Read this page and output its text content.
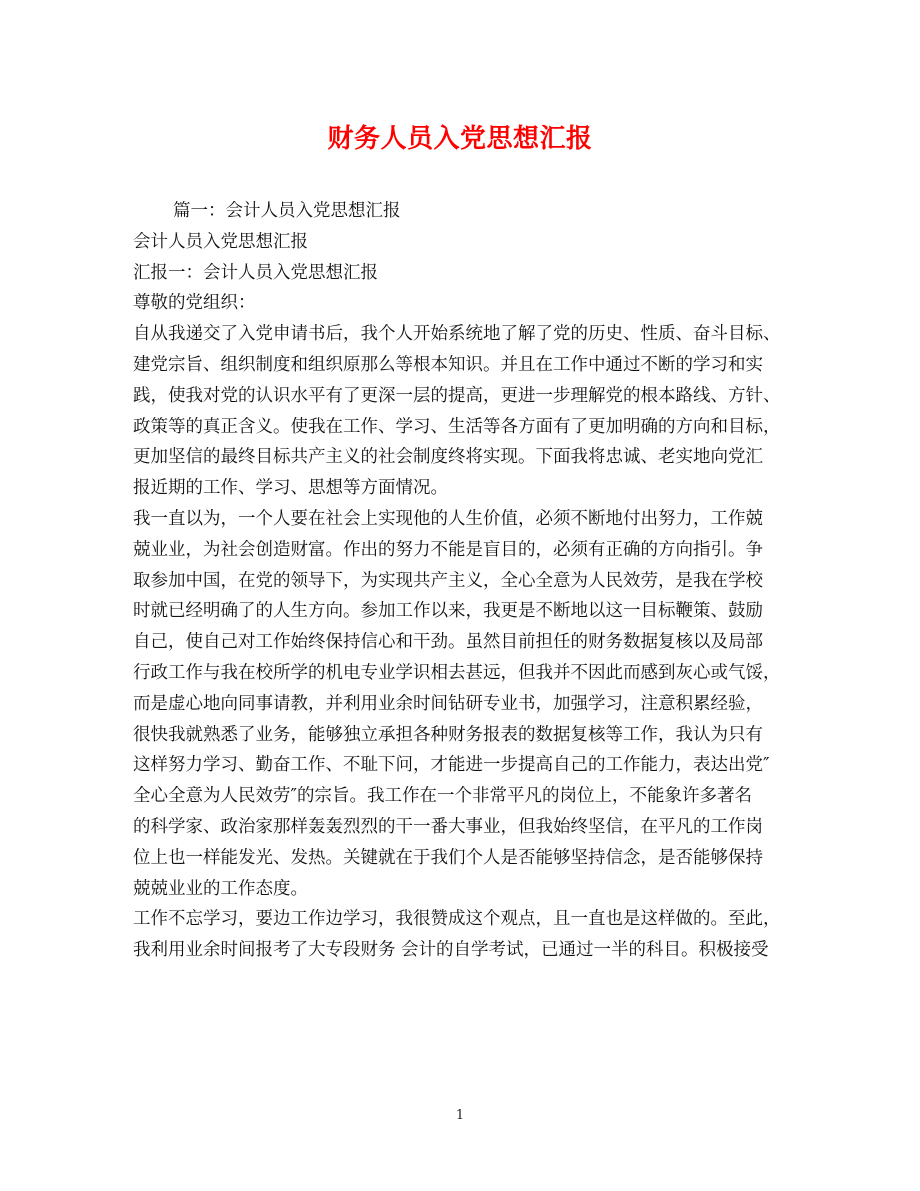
财务人员入党思想汇报
篇一：会计人员入党思想汇报
会计人员入党思想汇报
汇报一：会计人员入党思想汇报
尊敬的党组织：
自从我递交了入党申请书后，我个人开始系统地了解了党的历史、性质、奋斗目标、
建党宗旨、组织制度和组织原那么等根本知识。并且在工作中通过不断的学习和实
践，使我对党的认识水平有了更深一层的提高，更进一步理解党的根本路线、方针、
政策等的真正含义。使我在工作、学习、生活等各方面有了更加明确的方向和目标，
更加坚信的最终目标共产主义的社会制度终将实现。下面我将忠诚、老实地向党汇
报近期的工作、学习、思想等方面情况。
我一直以为，一个人要在社会上实现他的人生价值，必须不断地付出努力，工作兢
兢业业，为社会创造财富。作出的努力不能是盲目的，必须有正确的方向指引。争
取参加中国，在党的领导下，为实现共产主义，全心全意为人民效劳，是我在学校
时就已经明确了的人生方向。参加工作以来，我更是不断地以这一目标鞭策、鼓励
自己，使自己对工作始终保持信心和干劲。虽然目前担任的财务数据复核以及局部
行政工作与我在校所学的机电专业学识相去甚远，但我并不因此而感到灰心或气馁，
而是虚心地向同事请教，并利用业余时间钻研专业书，加强学习，注意积累经验，
很快我就熟悉了业务，能够独立承担各种财务报表的数据复核等工作，我认为只有
这样努力学习、勤奋工作、不耻下问，才能进一步提高自己的工作能力，表达出党″
全心全意为人民效劳″的宗旨。我工作在一个非常平凡的岗位上，不能象许多著名
的科学家、政治家那样轰轰烈烈的干一番大事业，但我始终坚信，在平凡的工作岗
位上也一样能发光、发热。关键就在于我们个人是否能够坚持信念，是否能够保持
兢兢业业的工作态度。
工作不忘学习，要边工作边学习，我很赞成这个观点，且一直也是这样做的。至此，
我利用业余时间报考了大专段财务 会计的自学考试，已通过一半的科目。积极接受
1
